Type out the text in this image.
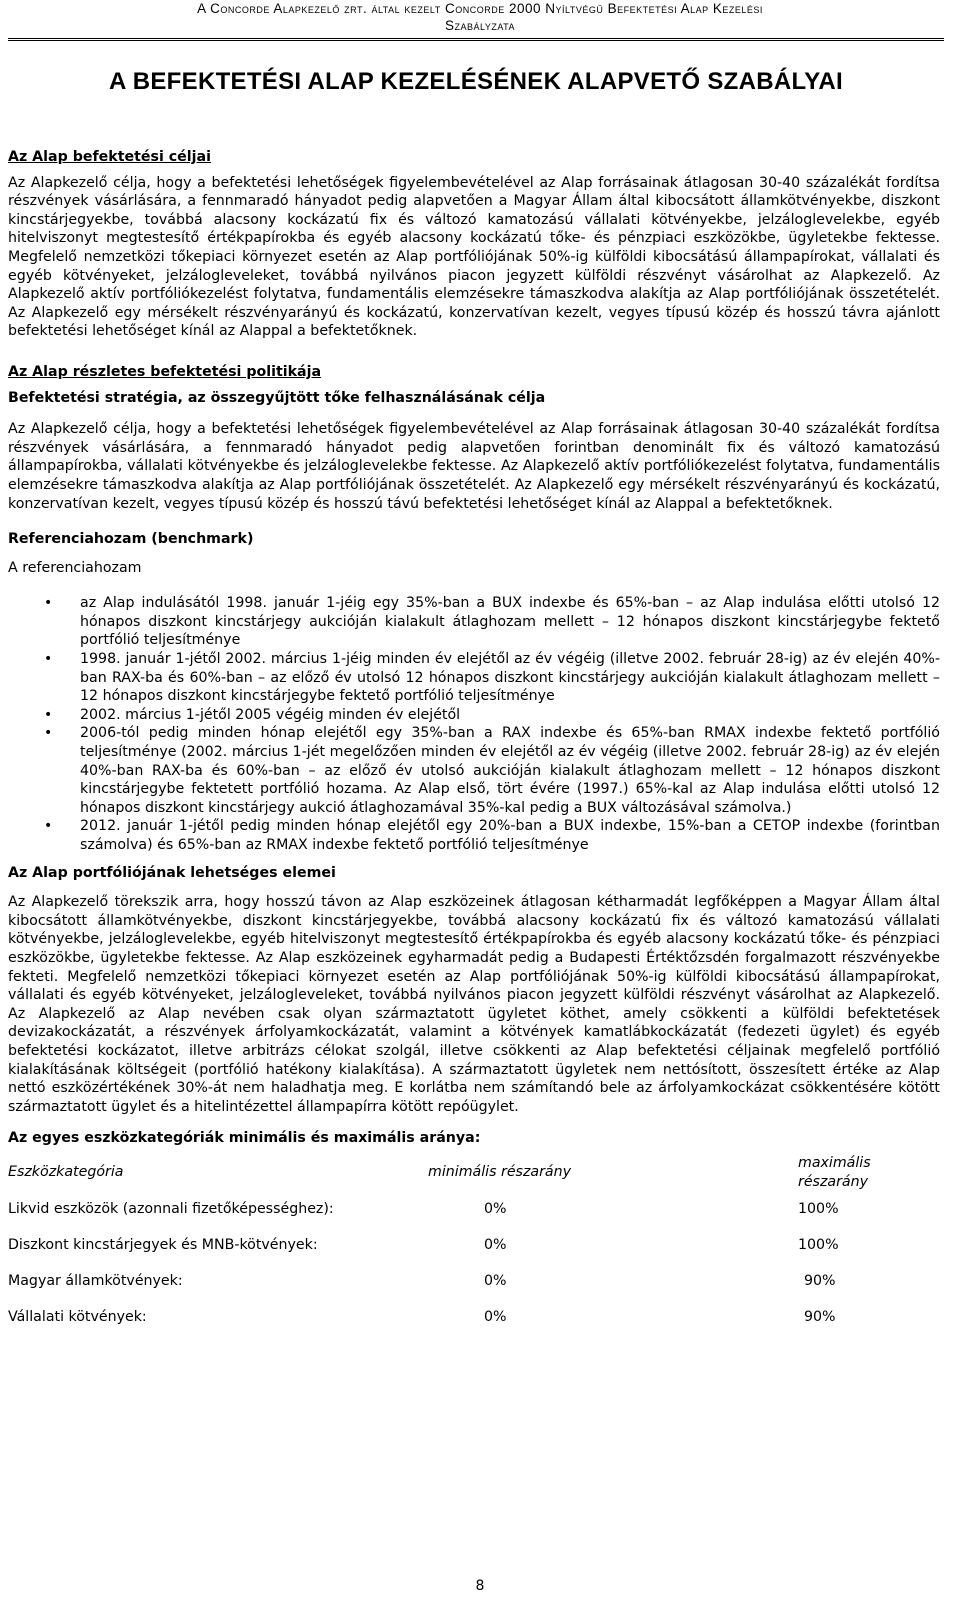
A Concorde Alapkezelő zrt. által kezelt Concorde 2000 Nyíltvégű Befektetési Alap Kezelési
Szabályzata
A BEFEKTETÉSI ALAP KEZELÉSÉNEK ALAPVETŐ SZABÁLYAI

Az Alap befektetési céljai

Az Alapkezelő célja, hogy a befektetési lehetőségek figyelembevételével az Alap forrásainak átlagosan 30-40 százalékát fordítsa részvények vásárlására, a fennmaradó hányadot pedig alapvetően a Magyar Állam által kibocsátott államkötvényekbe, diszkont kincstárjegyekbe, továbbá alacsony kockázatú fix és változó kamatozású vállalati kötvényekbe, jelzáloglevelekbe, egyéb hitelviszonyt megtestesítő értékpapírokba és egyéb alacsony kockázatú tőke- és pénzpiaci eszközökbe, ügyletekbe fektesse. Megfelelő nemzetközi tőkepiaci környezet esetén az Alap portfóliójának 50%-ig külföldi kibocsátású állampapírokat, vállalati és egyéb kötvényeket, jelzálogleveleket, továbbá nyilvános piacon jegyzett külföldi részvényt vásárolhat az Alapkezelő. Az Alapkezelő aktív portfóliókezelést folytatva, fundamentális elemzésekre támaszkodva alakítja az Alap portfóliójának összetételét. Az Alapkezelő egy mérsékelt részvényarányú és kockázatú, konzervatívan kezelt, vegyes típusú közép és hosszú távra ajánlott befektetési lehetőséget kínál az Alappal a befektetőknek.

Az Alap részletes befektetési politikája

Befektetési stratégia, az összegyűjtött tőke felhasználásának célja

Az Alapkezelő célja, hogy a befektetési lehetőségek figyelembevételével az Alap forrásainak átlagosan 30-40 százalékát fordítsa részvények vásárlására, a fennmaradó hányadot pedig alapvetően forintban denominált fix és változó kamatozású állampapírokba, vállalati kötvényekbe és jelzáloglevelekbe fektesse. Az Alapkezelő aktív portfóliókezelést folytatva, fundamentális elemzésekre támaszkodva alakítja az Alap portfóliójának összetételét. Az Alapkezelő egy mérsékelt részvényarányú és kockázatú, konzervatívan kezelt, vegyes típusú közép és hosszú távú befektetési lehetőséget kínál az Alappal a befektetőknek.

Referenciahozam (benchmark)

A referenciahozam

• az Alap indulásától 1998. január 1-jéig egy 35%-ban a BUX indexbe és 65%-ban – az Alap indulása előtti utolsó 12 hónapos diszkont kincstárjegy aukcióján kialakult átlaghozam mellett – 12 hónapos diszkont kincstárjegybe fektető portfólió teljesítménye
• 1998. január 1-jétől 2002. március 1-jéig minden év elejétől az év végéig (illetve 2002. február 28-ig) az év elején 40%-ban RAX-ba és 60%-ban – az előző év utolsó 12 hónapos diszkont kincstárjegy aukcióján kialakult átlaghozam mellett – 12 hónapos diszkont kincstárjegybe fektető portfólió teljesítménye
• 2002. március 1-jétől 2005 végéig minden év elejétől
• 2006-tól pedig minden hónap elejétől egy 35%-ban a RAX indexbe és 65%-ban RMAX indexbe fektető portfólió teljesítménye (2002. március 1-jét megelőzően minden év elejétől az év végéig (illetve 2002. február 28-ig) az év elején 40%-ban RAX-ba és 60%-ban – az előző év utolsó aukcióján kialakult átlaghozam mellett – 12 hónapos diszkont kincstárjegybe fektetett portfólió hozama. Az Alap első, tört évére (1997.) 65%-kal az Alap indulása előtti utolsó 12 hónapos diszkont kincstárjegy aukció átlaghozamával 35%-kal pedig a BUX változásával számolva.)
• 2012. január 1-jétől pedig minden hónap elejétől egy 20%-ban a BUX indexbe, 15%-ban a CETOP indexbe (forintban számolva) és 65%-ban az RMAX indexbe fektető portfólió teljesítménye

Az Alap portfóliójának lehetséges elemei

Az Alapkezelő törekszik arra, hogy hosszú távon az Alap eszközeinek átlagosan kétharmadát legfőképpen a Magyar Állam által kibocsátott államkötvényekbe, diszkont kincstárjegyekbe, továbbá alacsony kockázatú fix és változó kamatozású vállalati kötvényekbe, jelzáloglevelekbe, egyéb hitelviszonyt megtestesítő értékpapírokba és egyéb alacsony kockázatú tőke- és pénzpiaci eszközökbe, ügyletekbe fektesse. Az Alap eszközeinek egyharmadát pedig a Budapesti Értéktőzsdén forgalmazott részvényekbe fekteti. Megfelelő nemzetközi tőkepiaci környezet esetén az Alap portfóliójának 50%-ig külföldi kibocsátású állampapírokat, vállalati és egyéb kötvényeket, jelzálogleveleket, továbbá nyilvános piacon jegyzett külföldi részvényt vásárolhat az Alapkezelő. Az Alapkezelő az Alap nevében csak olyan származtatott ügyletet köthet, amely csökkenti a külföldi befektetések devizakockázatát, a részvények árfolyamkockázatát, valamint a kötvények kamatlábkockázatát (fedezeti ügylet) és egyéb befektetési kockázatot, illetve arbitrázs célokat szolgál, illetve csökkenti az Alap befektetési céljainak megfelelő portfólió kialakításának költségeit (portfólió hatékony kialakítása). A származtatott ügyletek nem nettósított, összesített értéke az Alap nettó eszközértékének 30%-át nem haladhatja meg. E korlátba nem számítandó bele az árfolyamkockázat csökkentésére kötött származtatott ügylet és a hitelintézettel állampapírra kötött repóügylet.

Az egyes eszközkategóriák minimális és maximális aránya:

Eszközkategória	minimális részarány	maximális részarány
Likvid eszközök (azonnali fizetőképességhez):	0%	100%
Diszkont kincstárjegyek és MNB-kötvények:	0%	100%
Magyar államkötvények:	0%	90%
Vállalati kötvények:	0%	90%
8
